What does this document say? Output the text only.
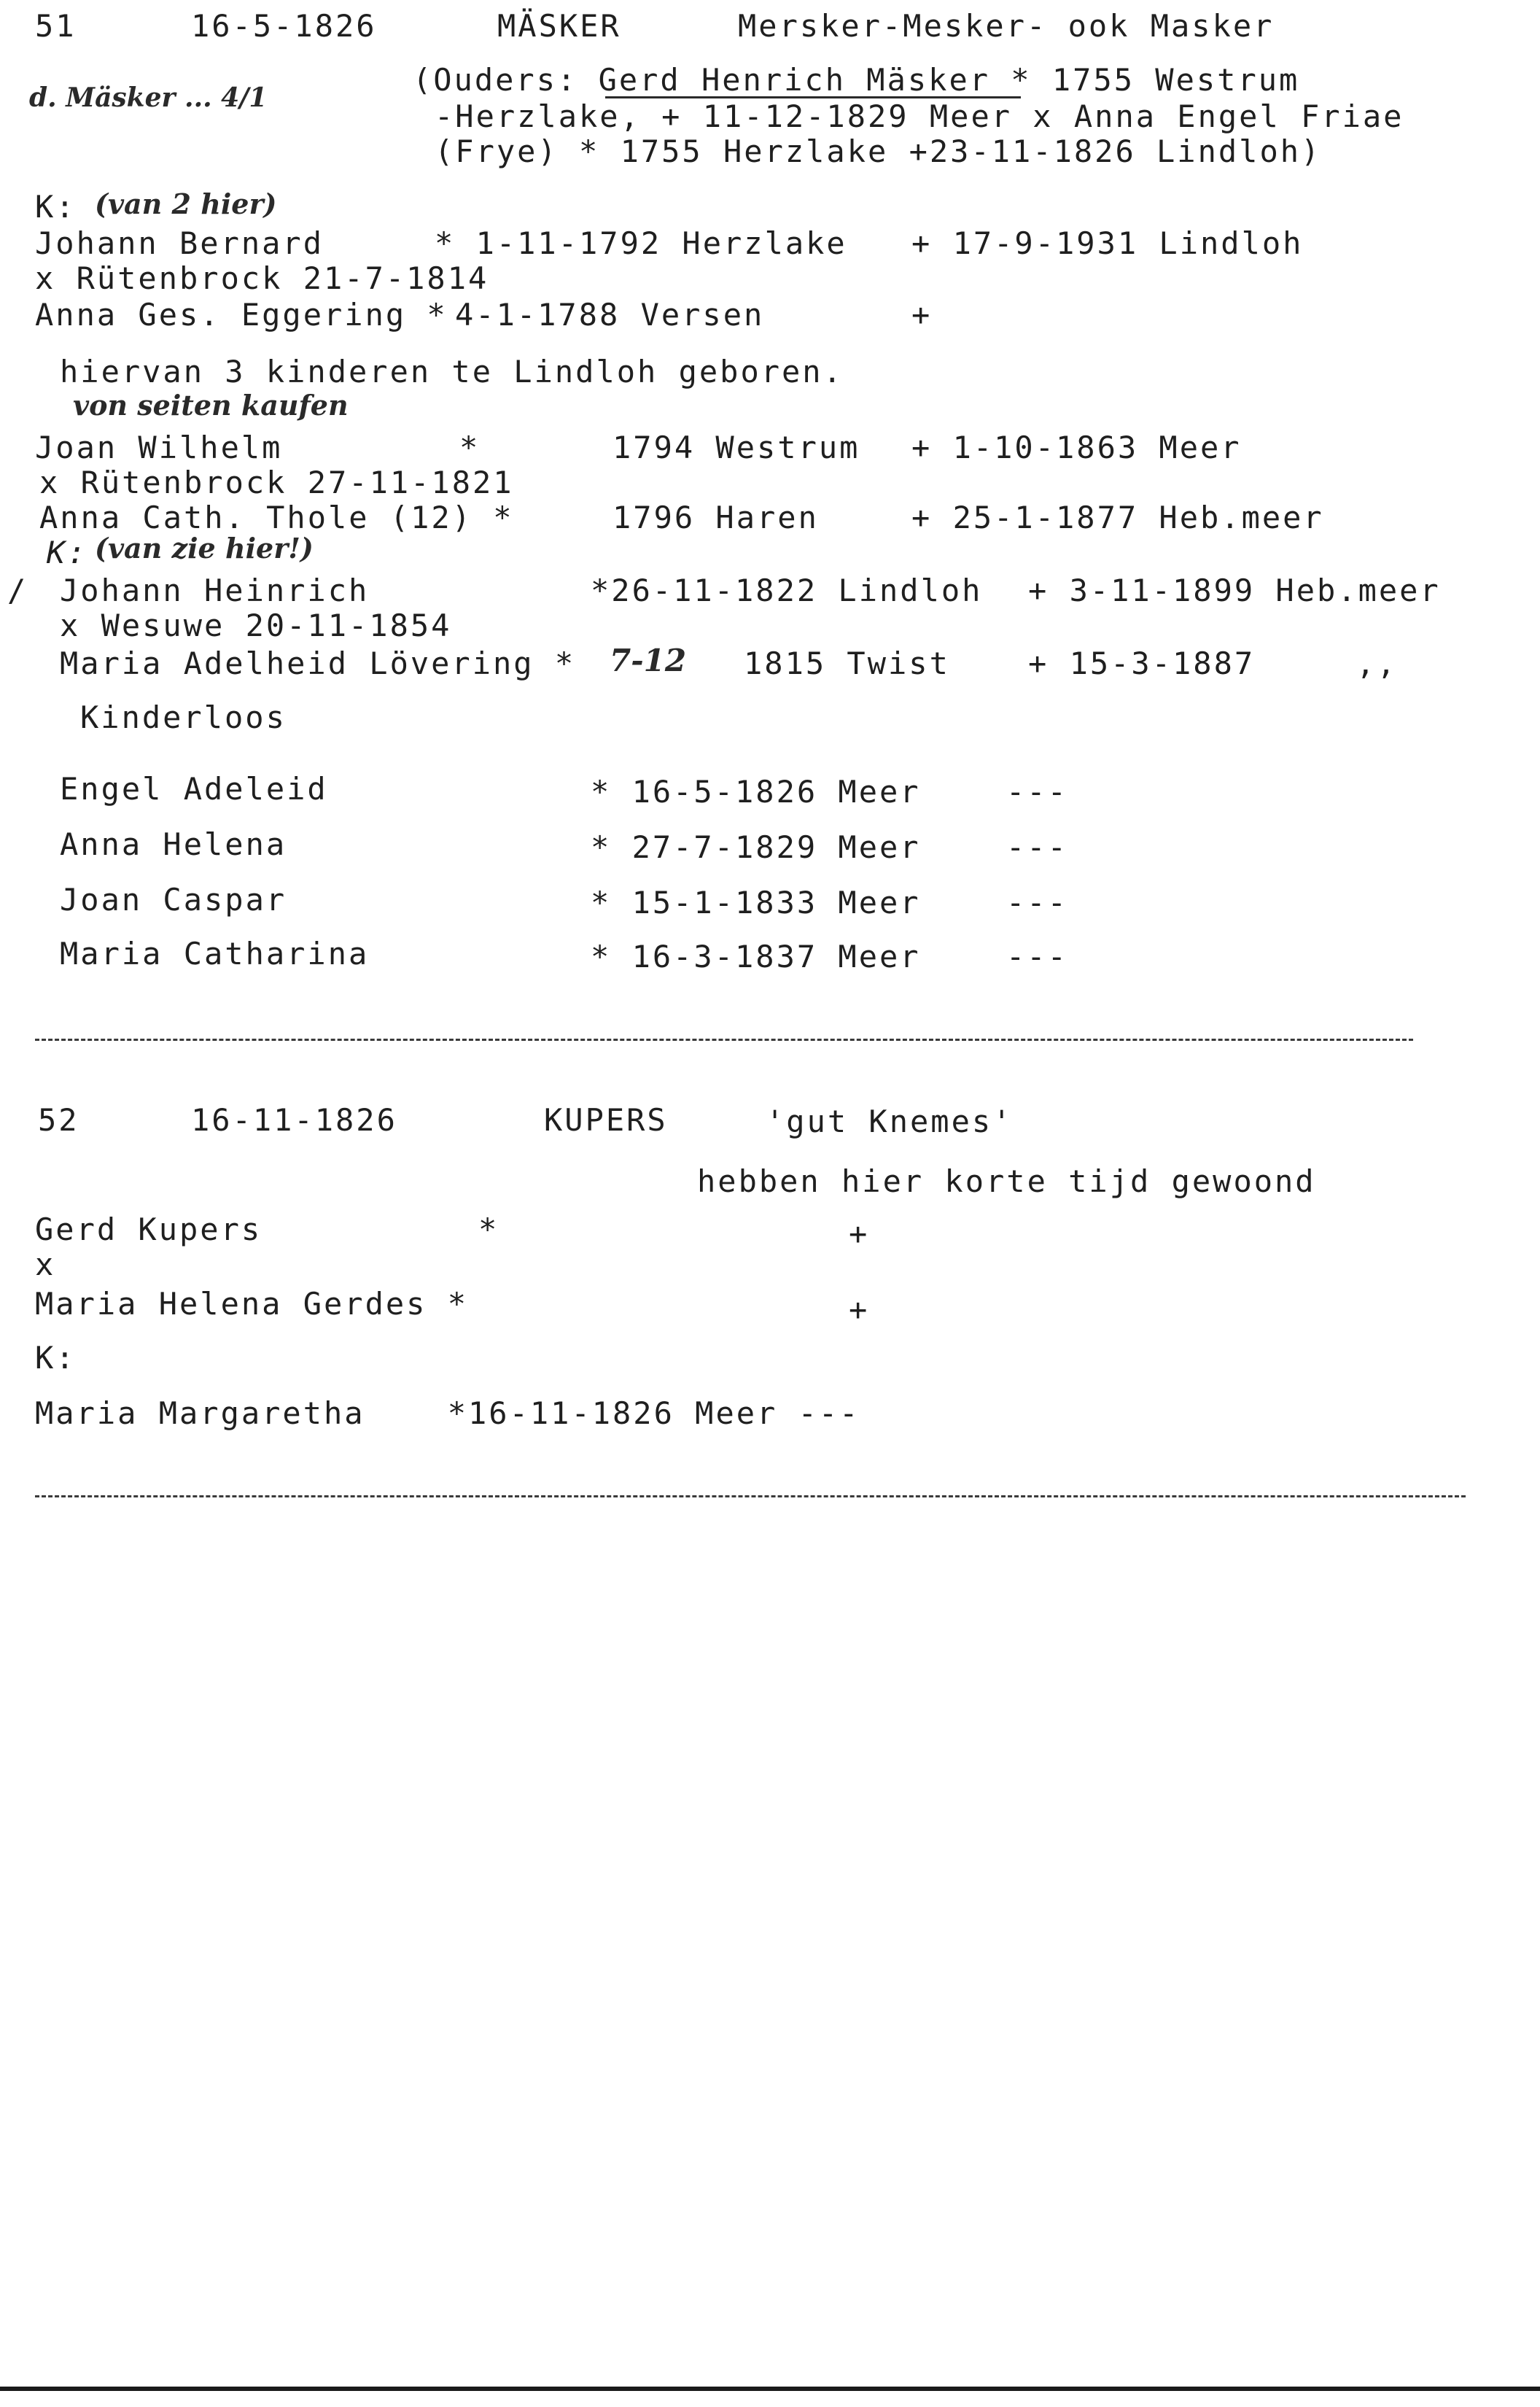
51	16-5-1826	MÄSKER	Mersker-Mesker- ook Masker
d. Mäsker ... 4/1	(Ouders: Gerd Henrich Mäsker * 1755 Westrum
-Herzlake, + 11-12-1829 Meer x Anna Engel Friae
(Frye) * 1755 Herzlake +23-11-1826 Lindloh)
K: (van 2 hier)
Johann Bernard	* 1-11-1792 Herzlake + 17-9-1931 Lindloh
x Rütenbrock 21-7-1814
Anna Ges. Eggering * 4-1-1788 Versen	+
hiervan 3 kinderen te Lindloh geboren.
von seiten kaufen
Joan Wilhelm	*	1794 Westrum + 1-10-1863 Meer
x Rütenbrock 27-11-1821
Anna Cath. Thole (12) *	1796 Haren	+ 25-1-1877 Heb.meer
K: (van zie hier!)
/ Johann Heinrich	*26-11-1822 Lindloh + 3-11-1899 Heb.meer
x Wesuwe 20-11-1854
Maria Adelheid Lövering * 7-12 1815 Twist	+ 15-3-1887	,,
Kinderloos
Engel Adeleid	* 16-5-1826 Meer	---
Anna Helena	* 27-7-1829 Meer	---
Joan Caspar	* 15-1-1833 Meer	---
Maria Catharina	* 16-3-1837 Meer	---
52	16-11-1826	KUPERS	'gut Knemes'
hebben hier korte tijd gewoond
Gerd Kupers	*	+
x
Maria Helena Gerdes *	+
K:
Maria Margaretha    *16-11-1826 Meer ---
